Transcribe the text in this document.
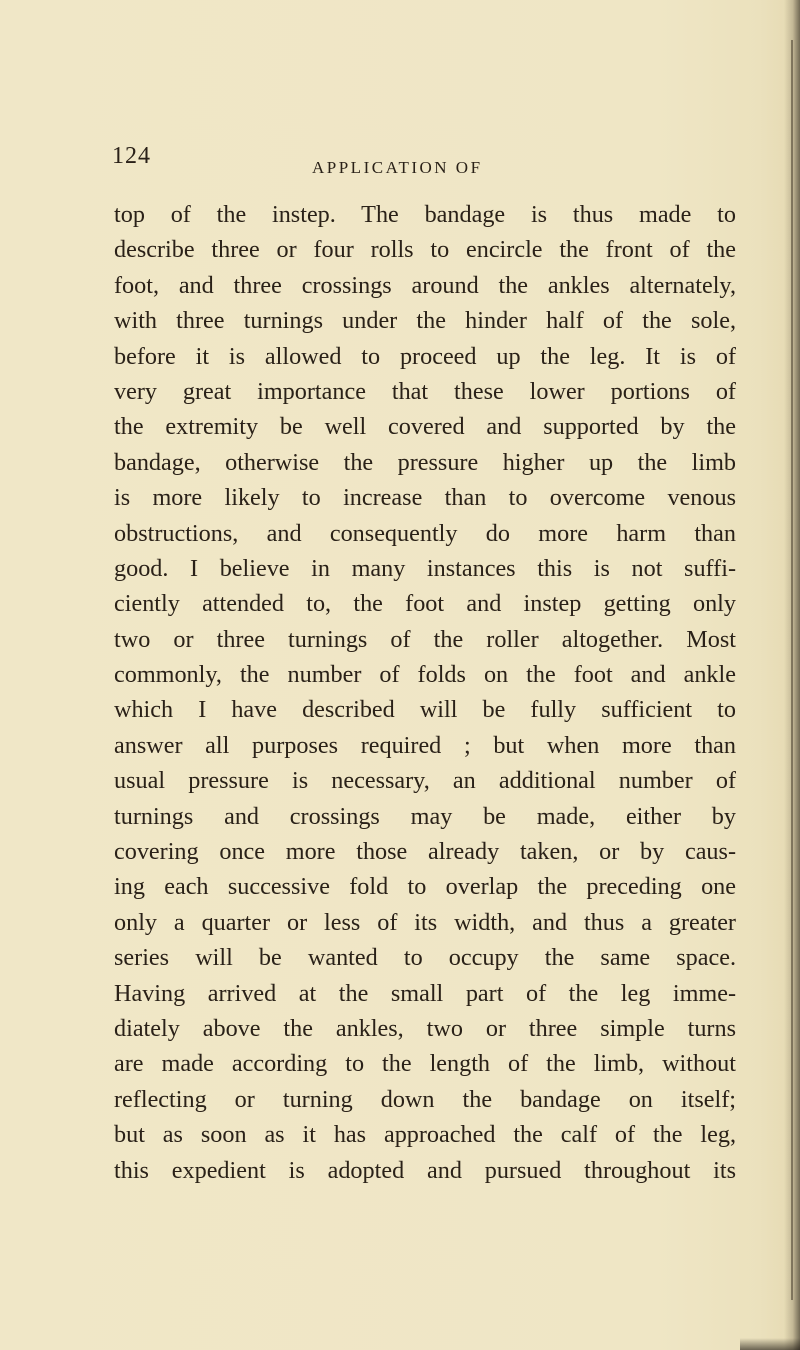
124	APPLICATION OF
top of the instep. The bandage is thus made to
describe three or four rolls to encircle the front of the
foot, and three crossings around the ankles alternately,
with three turnings under the hinder half of the sole,
before it is allowed to proceed up the leg. It is of
very great importance that these lower portions of
the extremity be well covered and supported by the
bandage, otherwise the pressure higher up the limb
is more likely to increase than to overcome venous
obstructions, and consequently do more harm than
good. I believe in many instances this is not suffi-
ciently attended to, the foot and instep getting only
two or three turnings of the roller altogether. Most
commonly, the number of folds on the foot and ankle
which I have described will be fully sufficient to
answer all purposes required ; but when more than
usual pressure is necessary, an additional number of
turnings and crossings may be made, either by
covering once more those already taken, or by caus-
ing each successive fold to overlap the preceding one
only a quarter or less of its width, and thus a greater
series will be wanted to occupy the same space.
Having arrived at the small part of the leg imme-
diately above the ankles, two or three simple turns
are made according to the length of the limb, without
reflecting or turning down the bandage on itself;
but as soon as it has approached the calf of the leg,
this expedient is adopted and pursued throughout its
